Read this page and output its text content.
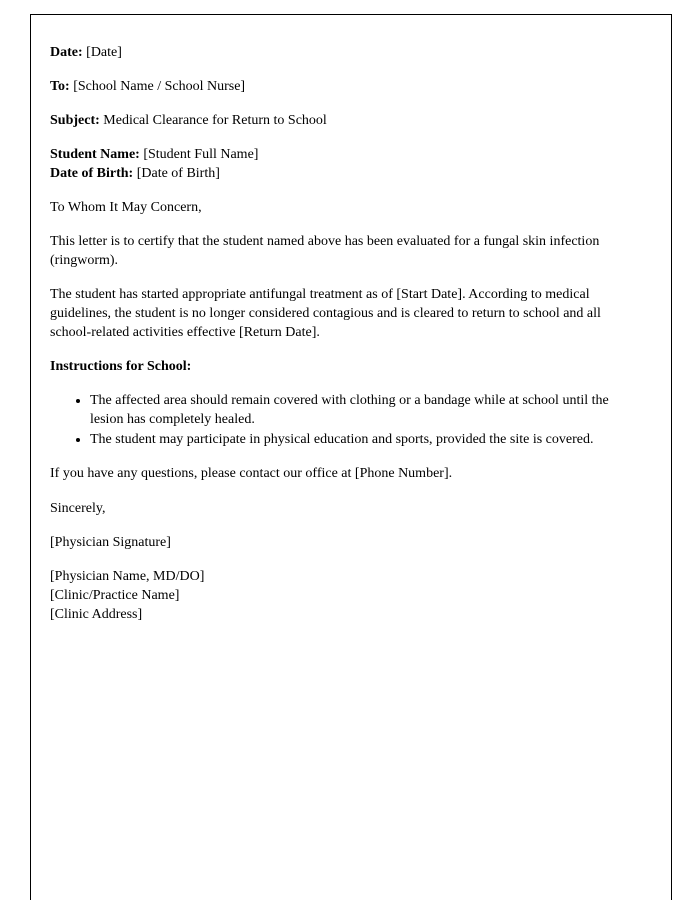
Date: [Date]

To: [School Name / School Nurse]

Subject: Medical Clearance for Return to School

Student Name: [Student Full Name]
Date of Birth: [Date of Birth]

To Whom It May Concern,

This letter is to certify that the student named above has been evaluated for a fungal skin infection (ringworm).

The student has started appropriate antifungal treatment as of [Start Date]. According to medical guidelines, the student is no longer considered contagious and is cleared to return to school and all school-related activities effective [Return Date].

Instructions for School:

• The affected area should remain covered with clothing or a bandage while at school until the lesion has completely healed.
• The student may participate in physical education and sports, provided the site is covered.

If you have any questions, please contact our office at [Phone Number].

Sincerely,

[Physician Signature]

[Physician Name, MD/DO]
[Clinic/Practice Name]
[Clinic Address]
